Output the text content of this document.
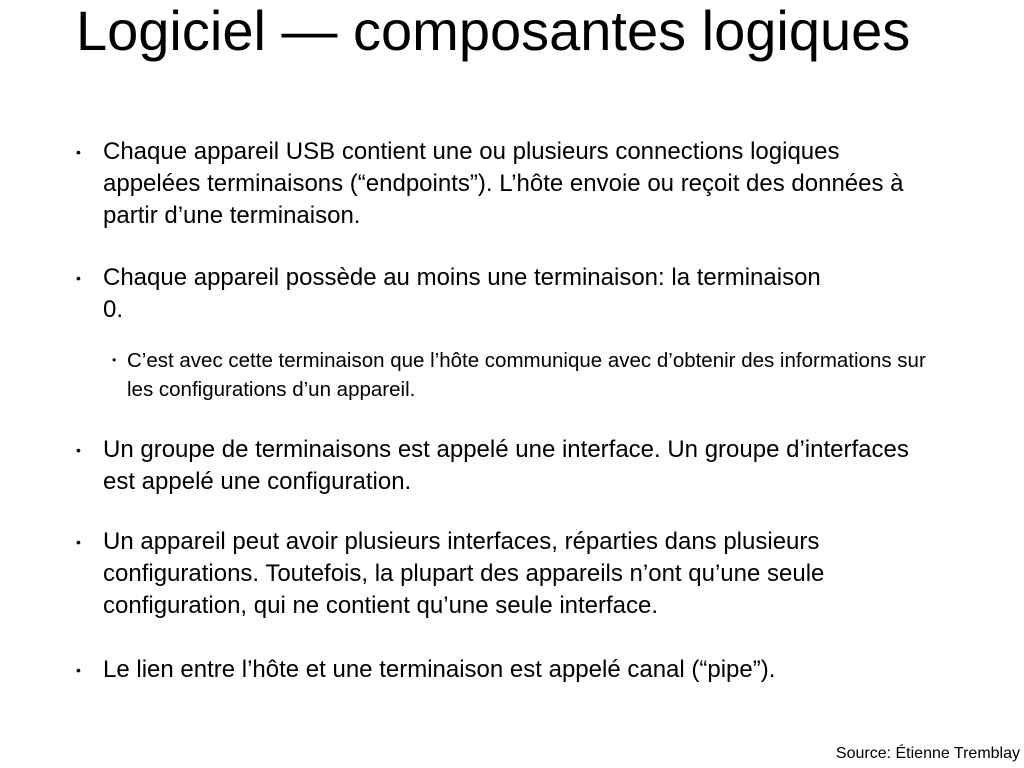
Logiciel — composantes logiques
• Chaque appareil USB contient une ou plusieurs connections logiques appelées terminaisons (“endpoints”). L’hôte envoie ou reçoit des données à partir d’une terminaison.
• Chaque appareil possède au moins une terminaison: la terminaison 0.
• C’est avec cette terminaison que l’hôte communique avec d’obtenir des informations sur les configurations d’un appareil.
• Un groupe de terminaisons est appelé une interface. Un groupe d’interfaces est appelé une configuration.
• Un appareil peut avoir plusieurs interfaces, réparties dans plusieurs configurations. Toutefois, la plupart des appareils n’ont qu’une seule configuration, qui ne contient qu’une seule interface.
• Le lien entre l’hôte et une terminaison est appelé canal (“pipe”).
Source: Étienne Tremblay
